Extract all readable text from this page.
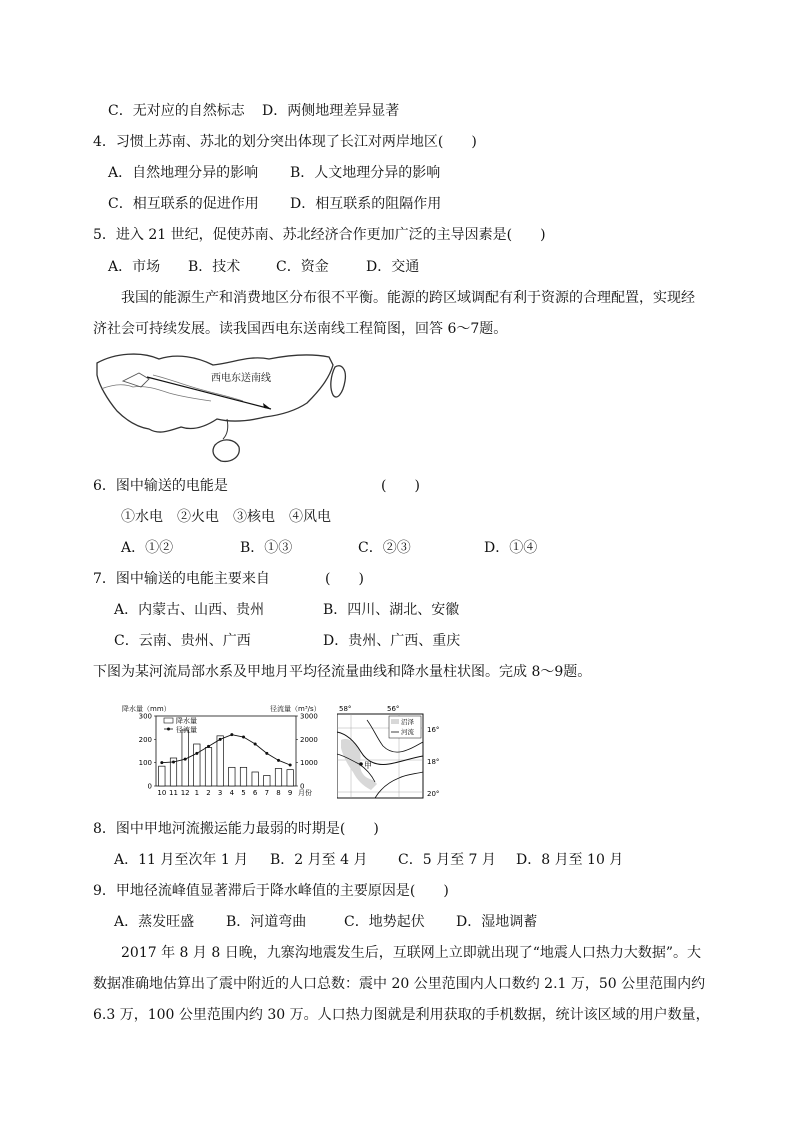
C．无对应的自然标志 D．两侧地理差异显著
4．习惯上苏南、苏北的划分突出体现了长江对两岸地区(　　)
A．自然地理分异的影响 B．人文地理分异的影响
C．相互联系的促进作用 D．相互联系的阻隔作用
5．进入 21 世纪，促使苏南、苏北经济合作更加广泛的主导因素是(　　)
A．市场 B．技术	C．资金	D．交通
我国的能源生产和消费地区分布很不平衡。能源的跨区域调配有利于资源的合理配置，实现经
济社会可持续发展。读我国西电东送南线工程简图，回答 6～7题。
西电东送南线
6．图中输送的电能是	(　　)
①水电　②火电　③核电　④风电
A．①②	B．①③	C．②③	D．①④
7．图中输送的电能主要来自	(　　)
A．内蒙古、山西、贵州	B．四川、湖北、安徽
C．云南、贵州、广西	D．贵州、广西、重庆
下图为某河流局部水系及甲地月平均径流量曲线和降水量柱状图。完成 8～9题。
降水量（mm）	径流量（m³/s）
0
100
200
300
0
1000
2000
3000
10 11 12 1 2 3 4 5 6 7 8 9 月份
降水量
径流量
58°	56°
甲
沼泽
河流 16°
18°
20°
8．图中甲地河流搬运能力最弱的时期是(　　)
A．11 月至次年 1 月 B．2 月至 4 月 C．5 月至 7 月 D．8 月至 10 月
9．甲地径流峰值显著滞后于降水峰值的主要原因是(　　)
A．蒸发旺盛 B．河道弯曲	C．地势起伏 D．湿地调蓄
2017 年 8 月 8 日晚，九寨沟地震发生后，互联网上立即就出现了“地震人口热力大数据”。大
数据准确地估算出了震中附近的人口总数：震中 20 公里范围内人口数约 2.1 万，50 公里范围内约
6.3 万，100 公里范围内约 30 万。人口热力图就是利用获取的手机数据，统计该区域的用户数量，
